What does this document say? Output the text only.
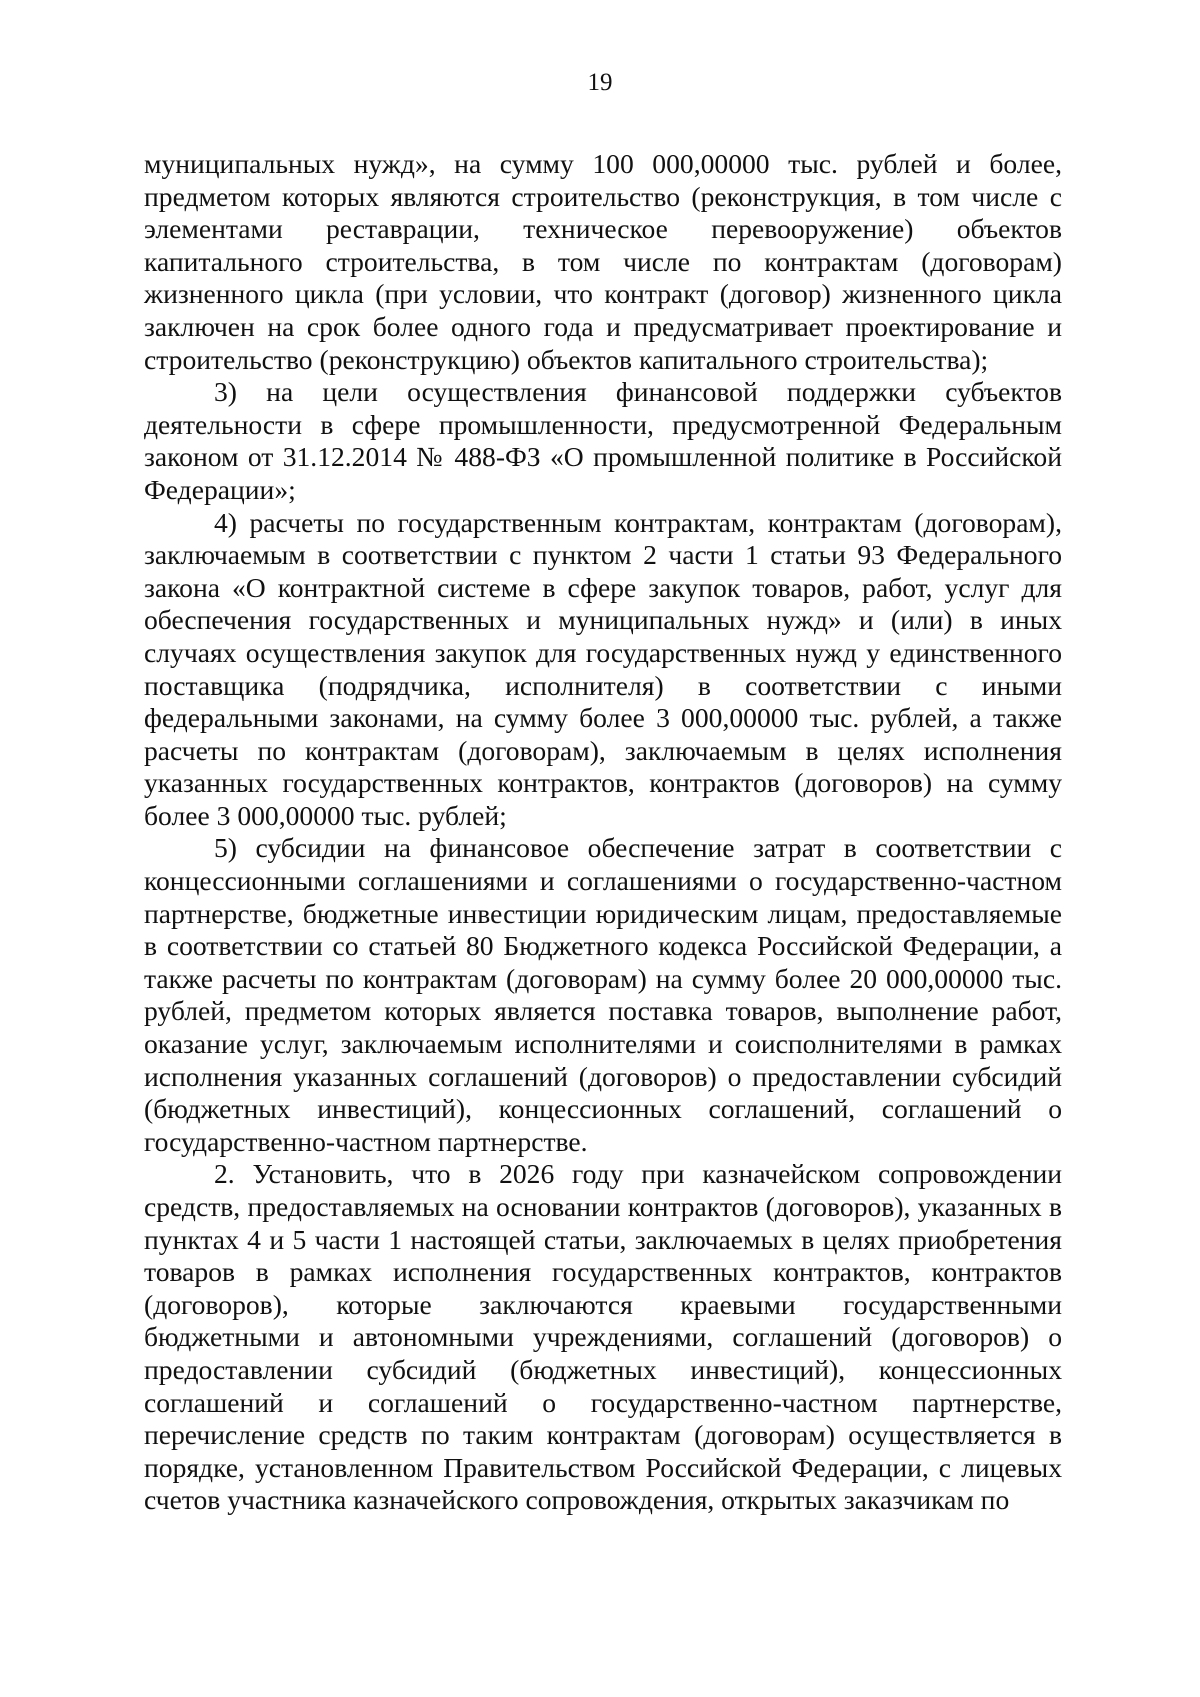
19

муниципальных нужд», на сумму 100 000,00000 тыс. рублей и более, предметом которых являются строительство (реконструкция, в том числе с элементами реставрации, техническое перевооружение) объектов капитального строительства, в том числе по контрактам (договорам) жизненного цикла (при условии, что контракт (договор) жизненного цикла заключен на срок более одного года и предусматривает проектирование и строительство (реконструкцию) объектов капитального строительства);

3) на цели осуществления финансовой поддержки субъектов деятельности в сфере промышленности, предусмотренной Федеральным законом от 31.12.2014 № 488-ФЗ «О промышленной политике в Российской Федерации»;

4) расчеты по государственным контрактам, контрактам (договорам), заключаемым в соответствии с пунктом 2 части 1 статьи 93 Федерального закона «О контрактной системе в сфере закупок товаров, работ, услуг для обеспечения государственных и муниципальных нужд» и (или) в иных случаях осуществления закупок для государственных нужд у единственного поставщика (подрядчика, исполнителя) в соответствии с иными федеральными законами, на сумму более 3 000,00000 тыс. рублей, а также расчеты по контрактам (договорам), заключаемым в целях исполнения указанных государственных контрактов, контрактов (договоров) на сумму более 3 000,00000 тыс. рублей;

5) субсидии на финансовое обеспечение затрат в соответствии с концессионными соглашениями и соглашениями о государственно-частном партнерстве, бюджетные инвестиции юридическим лицам, предоставляемые в соответствии со статьей 80 Бюджетного кодекса Российской Федерации, а также расчеты по контрактам (договорам) на сумму более 20 000,00000 тыс. рублей, предметом которых является поставка товаров, выполнение работ, оказание услуг, заключаемым исполнителями и соисполнителями в рамках исполнения указанных соглашений (договоров) о предоставлении субсидий (бюджетных инвестиций), концессионных соглашений, соглашений о государственно-частном партнерстве.

2. Установить, что в 2026 году при казначейском сопровождении средств, предоставляемых на основании контрактов (договоров), указанных в пунктах 4 и 5 части 1 настоящей статьи, заключаемых в целях приобретения товаров в рамках исполнения государственных контрактов, контрактов (договоров), которые заключаются краевыми государственными бюджетными и автономными учреждениями, соглашений (договоров) о предоставлении субсидий (бюджетных инвестиций), концессионных соглашений и соглашений о государственно-частном партнерстве, перечисление средств по таким контрактам (договорам) осуществляется в порядке, установленном Правительством Российской Федерации, с лицевых счетов участника казначейского сопровождения, открытых заказчикам по
